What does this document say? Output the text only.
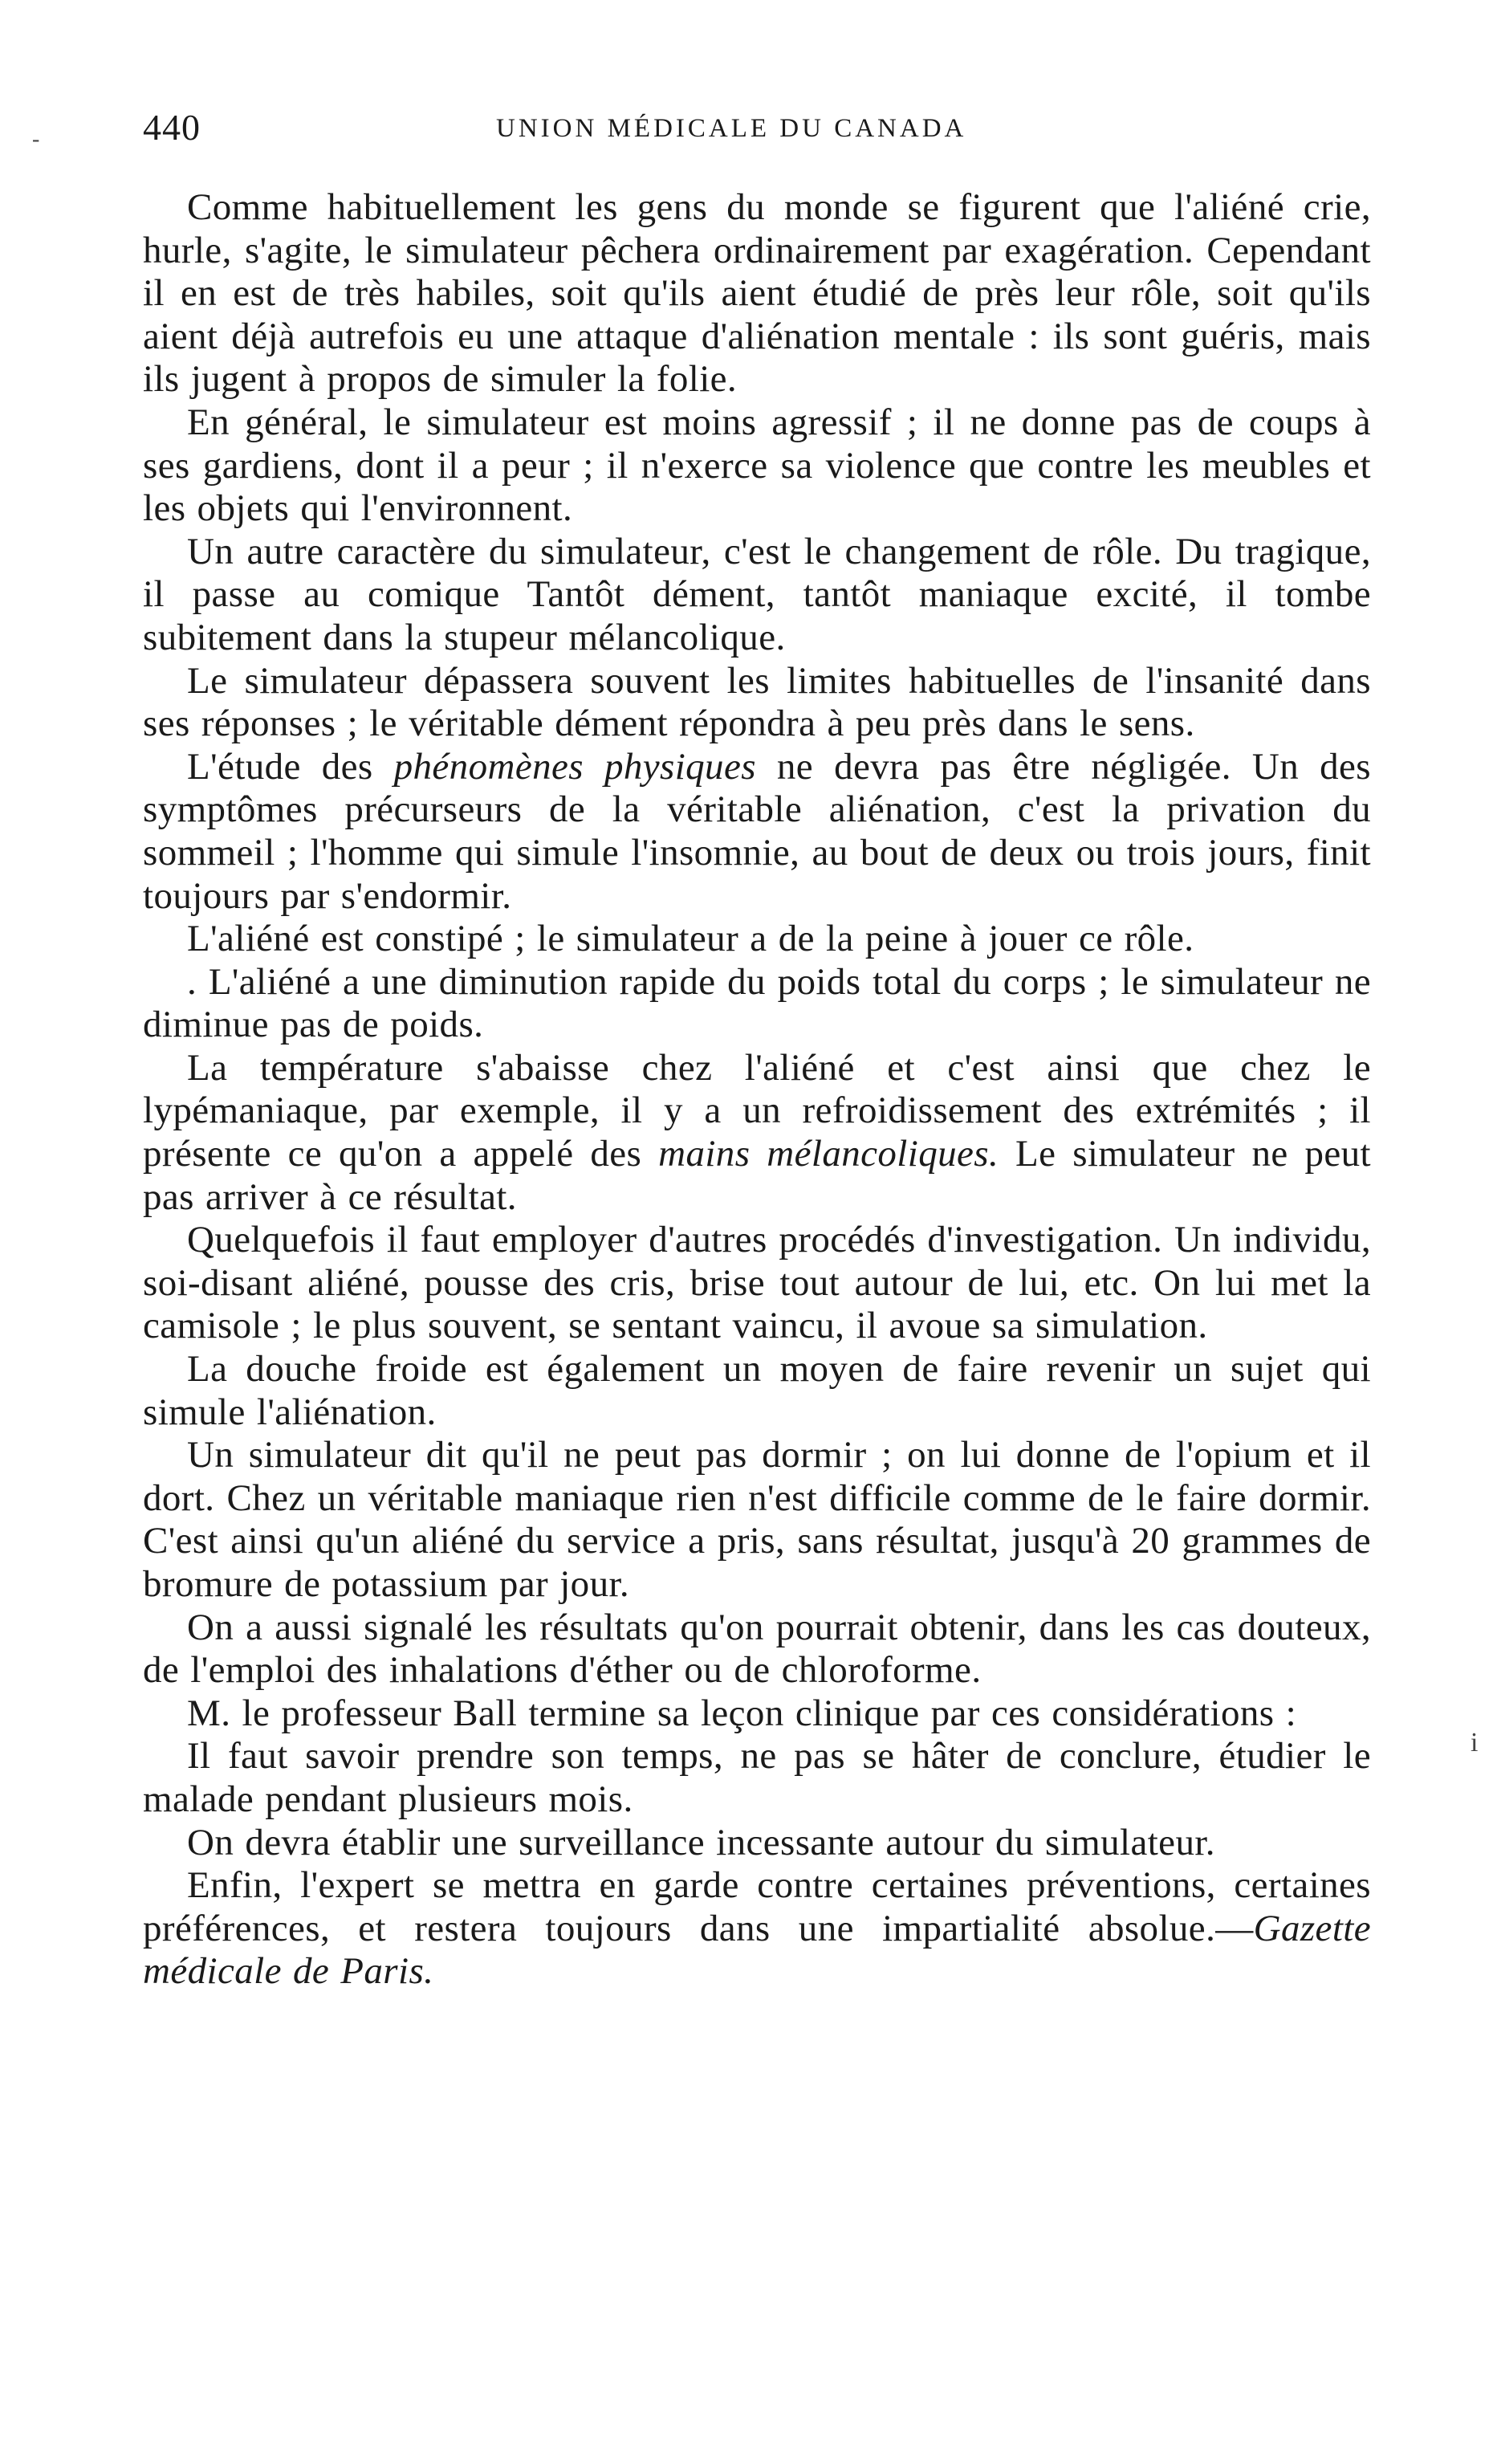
-	440	UNION MÉDICALE DU CANADA

Comme habituellement les gens du monde se figurent que l'aliéné crie, hurle, s'agite, le simulateur pêchera ordinairement par exagération. Cependant il en est de très habiles, soit qu'ils aient étudié de près leur rôle, soit qu'ils aient déjà autrefois eu une attaque d'aliénation mentale : ils sont guéris, mais ils jugent à propos de simuler la folie.

En général, le simulateur est moins agressif ; il ne donne pas de coups à ses gardiens, dont il a peur ; il n'exerce sa violence que contre les meubles et les objets qui l'environnent.

Un autre caractère du simulateur, c'est le changement de rôle. Du tragique, il passe au comique Tantôt dément, tantôt maniaque excité, il tombe subitement dans la stupeur mélancolique.

Le simulateur dépassera souvent les limites habituelles de l'insanité dans ses réponses ; le véritable dément répondra à peu près dans le sens.

L'étude des phénomènes physiques ne devra pas être négligée. Un des symptômes précurseurs de la véritable aliénation, c'est la privation du sommeil ; l'homme qui simule l'insomnie, au bout de deux ou trois jours, finit toujours par s'endormir.

L'aliéné est constipé ; le simulateur a de la peine à jouer ce rôle.

. L'aliéné a une diminution rapide du poids total du corps ; le simulateur ne diminue pas de poids.

La température s'abaisse chez l'aliéné et c'est ainsi que chez le lypémaniaque, par exemple, il y a un refroidissement des extrémités ; il présente ce qu'on a appelé des mains mélancoliques. Le simulateur ne peut pas arriver à ce résultat.

Quelquefois il faut employer d'autres procédés d'investigation. Un individu, soi-disant aliéné, pousse des cris, brise tout autour de lui, etc. On lui met la camisole ; le plus souvent, se sentant vaincu, il avoue sa simulation.

La douche froide est également un moyen de faire revenir un sujet qui simule l'aliénation.

Un simulateur dit qu'il ne peut pas dormir ; on lui donne de l'opium et il dort. Chez un véritable maniaque rien n'est difficile comme de le faire dormir. C'est ainsi qu'un aliéné du service a pris, sans résultat, jusqu'à 20 grammes de bromure de potassium par jour.

On a aussi signalé les résultats qu'on pourrait obtenir, dans les cas douteux, de l'emploi des inhalations d'éther ou de chloroforme.

M. le professeur Ball termine sa leçon clinique par ces considérations :

Il faut savoir prendre son temps, ne pas se hâter de conclure, étudier le malade pendant plusieurs mois.

On devra établir une surveillance incessante autour du simulateur.

Enfin, l'expert se mettra en garde contre certaines préventions, certaines préférences, et restera toujours dans une impartialité absolue.—Gazette médicale de Paris.

i
